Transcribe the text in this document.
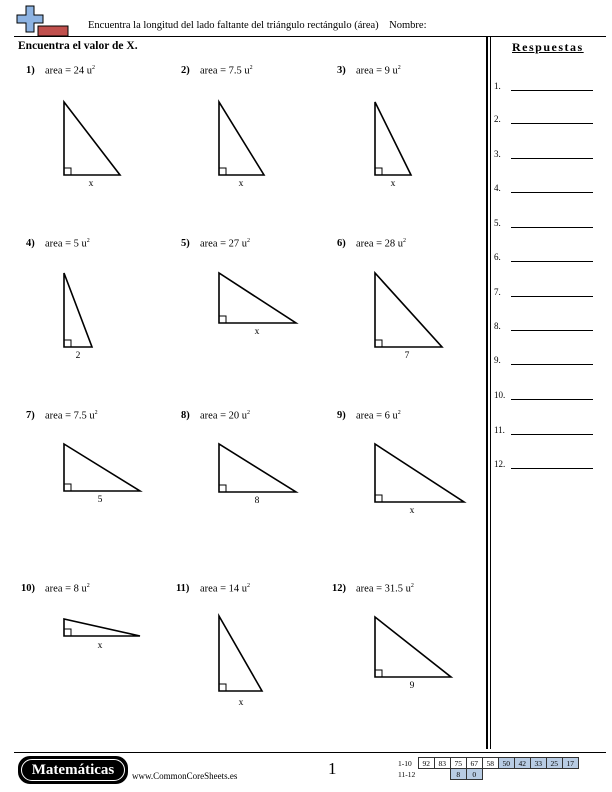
Encuentra la longitud del lado faltante del triángulo rectángulo (área) Nombre:
Encuentra el valor de X.	Respuestas
1.
2.
3.
4.
5.
6.
7.
8.
9.
10.
11.
12.
1) area = 24 $u^2$
x
2) area = 7.5 $u^2$
x
3) area = 9 $u^2$
x
4) area = 5 $u^2$
2
5) area = 27 $u^2$
x
6) area = 28 $u^2$
7
7) area = 7.5 $u^2$
5
8) area = 20 $u^2$
8
9) area = 6 $u^2$
x
10) area = 8 $u^2$
x
11) area = 14 $u^2$
x
12) area = 31.5 $u^2$
9
Matemáticas	www.CommonCoreSheets.es	1	1-10	92	83	75	67	58	50	42	33	25	17
11-12			8	0						
